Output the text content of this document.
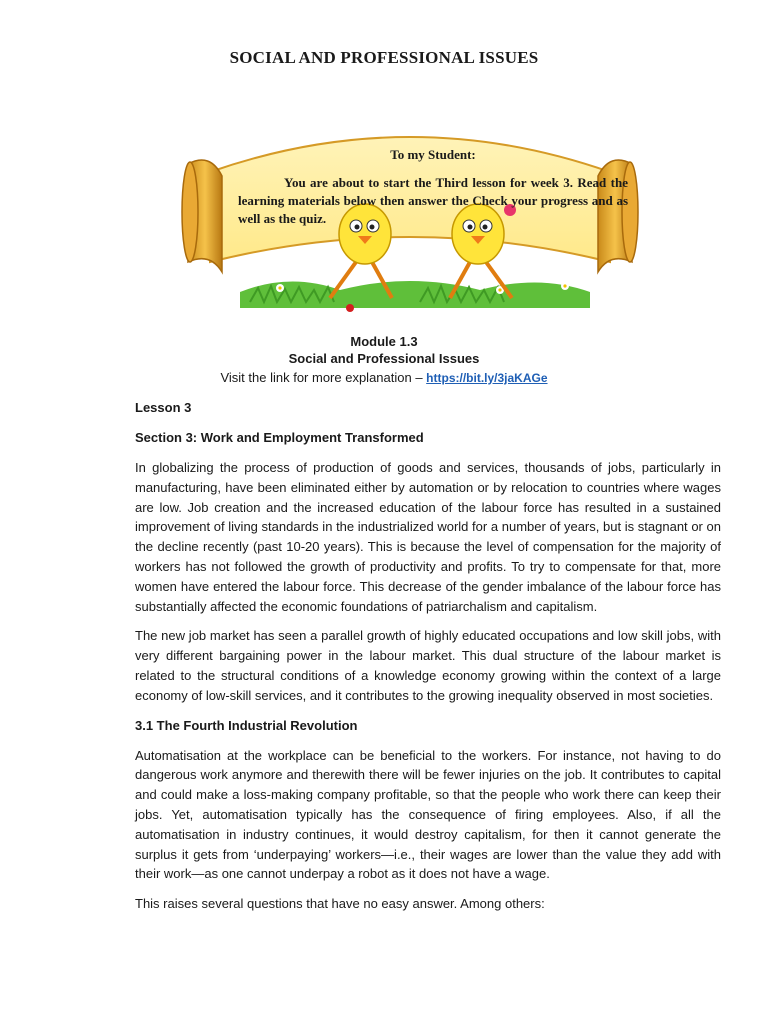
SOCIAL AND PROFESSIONAL ISSUES

To my Student:

You are about to start the Third lesson for week 3. Read the learning materials below then answer the Check your progress and as well as the quiz.

Module 1.3
Social and Professional Issues
Visit the link for more explanation – https://bit.ly/3jaKAGe

Lesson 3

Section 3: Work and Employment Transformed

In globalizing the process of production of goods and services, thousands of jobs, particularly in manufacturing, have been eliminated either by automation or by relocation to countries where wages are low. Job creation and the increased education of the labour force has resulted in a sustained improvement of living standards in the industrialized world for a number of years, but is stagnant or on the decline recently (past 10-20 years). This is because the level of compensation for the majority of workers has not followed the growth of productivity and profits. To try to compensate for that, more women have entered the labour force. This decrease of the gender imbalance of the labour force has substantially affected the economic foundations of patriarchalism and capitalism.

The new job market has seen a parallel growth of highly educated occupations and low skill jobs, with very different bargaining power in the labour market. This dual structure of the labour market is related to the structural conditions of a knowledge economy growing within the context of a large economy of low-skill services, and it contributes to the growing inequality observed in most societies.

3.1 The Fourth Industrial Revolution

Automatisation at the workplace can be beneficial to the workers. For instance, not having to do dangerous work anymore and therewith there will be fewer injuries on the job. It contributes to capital and could make a loss-making company profitable, so that the people who work there can keep their jobs. Yet, automatisation typically has the consequence of firing employees. Also, if all the automatisation in industry continues, it would destroy capitalism, for then it cannot generate the surplus it gets from ‘underpaying’ workers—i.e., their wages are lower than the value they add with their work—as one cannot underpay a robot as it does not have a wage.

This raises several questions that have no easy answer. Among others:
